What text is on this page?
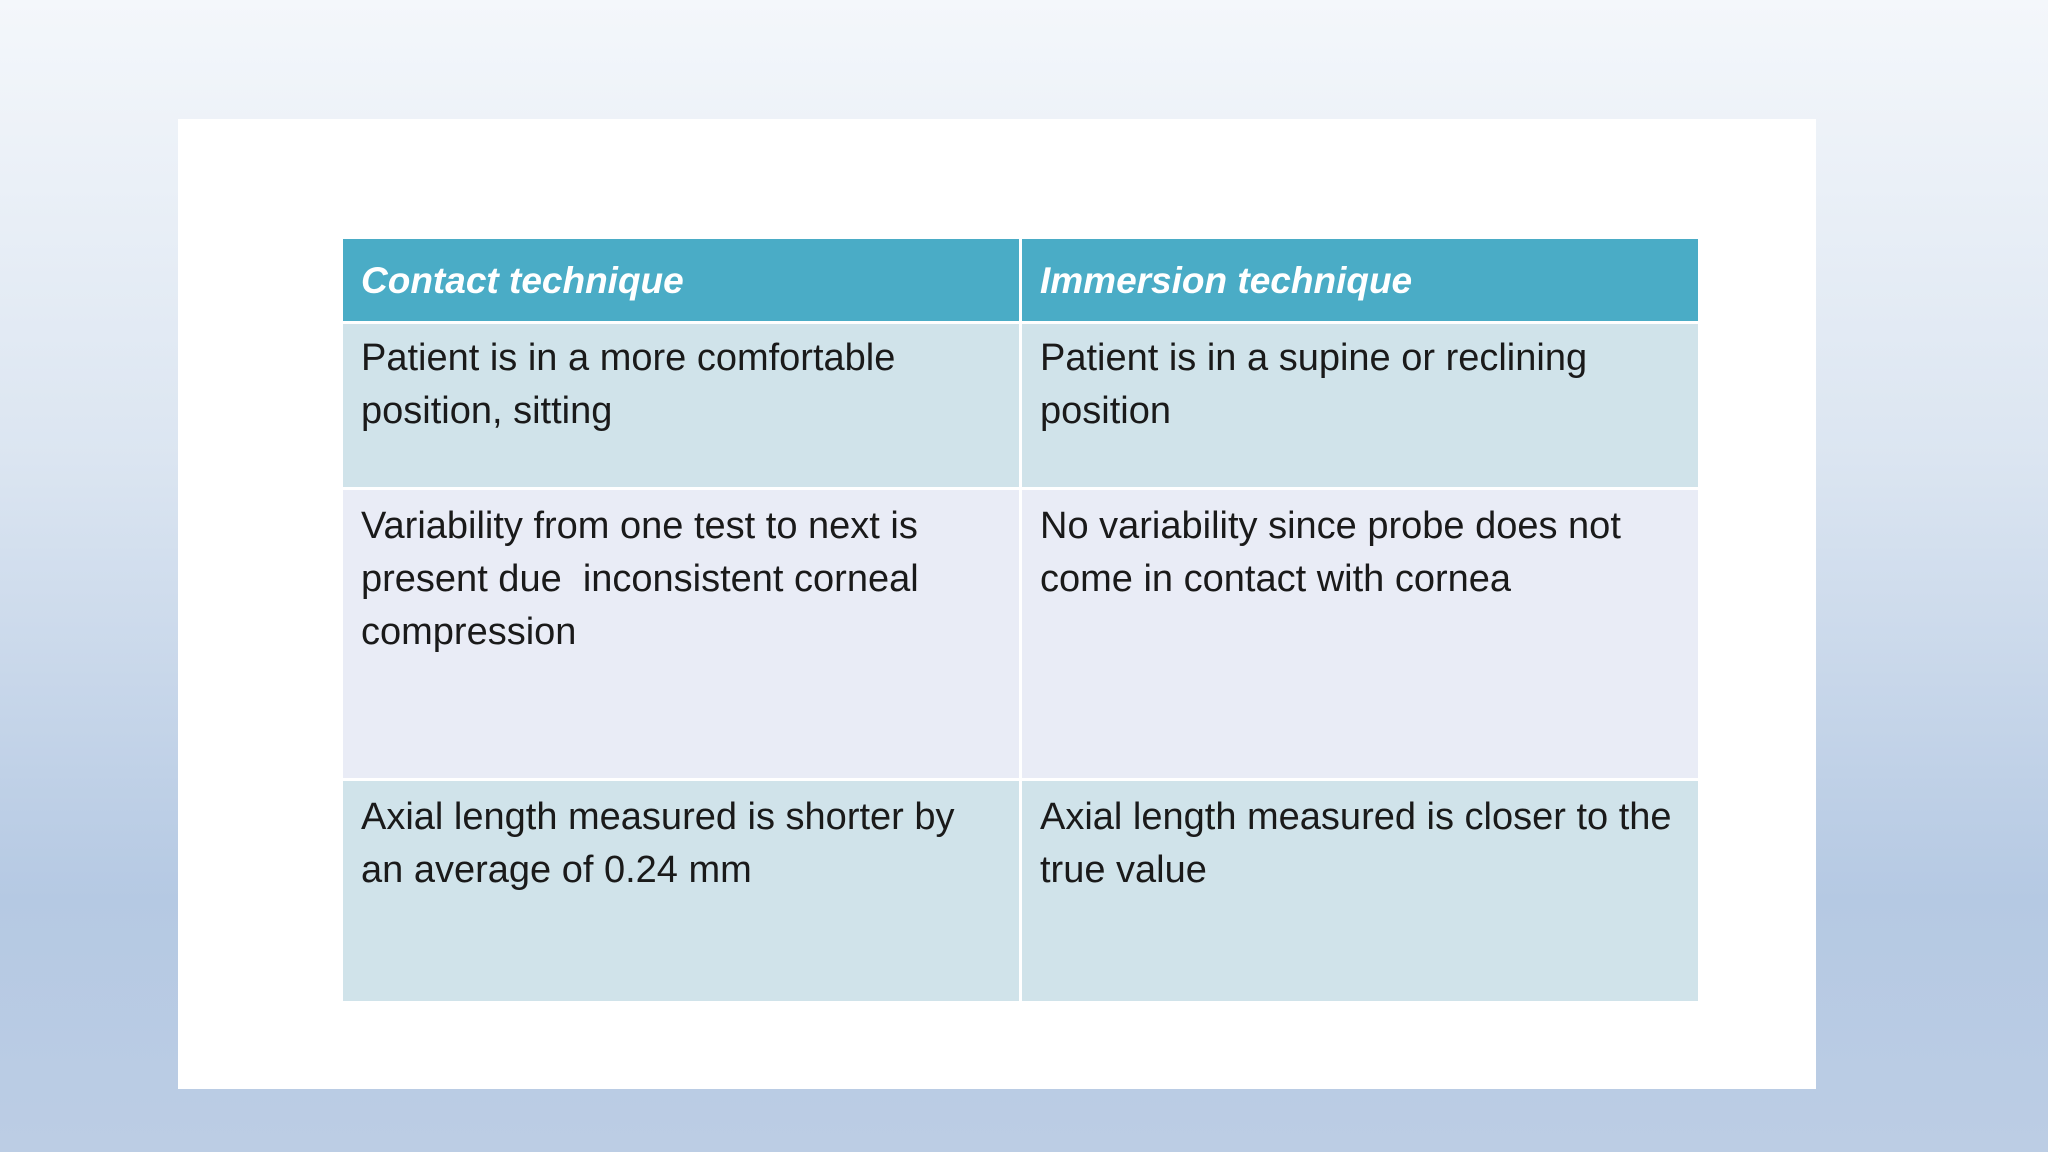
Contact technique	Immersion technique
Patient is in a more comfortable position, sitting	Patient is in a supine or reclining position
Variability from one test to next is present due  inconsistent corneal compression	No variability since probe does not come in contact with cornea
Axial length measured is shorter by an average of 0.24 mm	Axial length measured is closer to the true value
